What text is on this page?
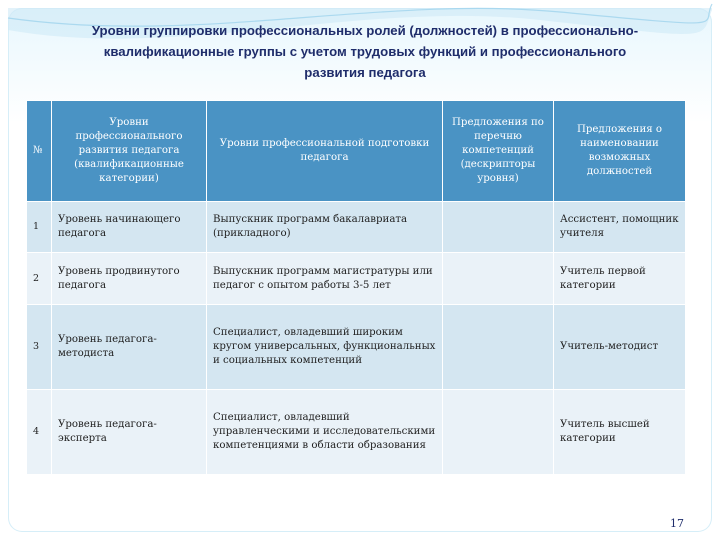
Уровни группировки профессиональных ролей (должностей) в профессионально-
квалификационные группы с учетом трудовых функций и профессионального
развития педагога
№	Уровни профессионального развития педагога (квалификационные категории)	Уровни профессиональной подготовки педагога	Предложения по перечню компетенций (дескрипторы уровня)	Предложения о наименовании возможных должностей
1	Уровень начинающего педагога	Выпускник программ бакалавриата (прикладного)		Ассистент, помощник учителя
2	Уровень продвинутого педагога	Выпускник программ магистратуры или педагог с опытом работы 3-5 лет		Учитель первой категории
3	Уровень педагога-методиста	Специалист, овладевший широким кругом универсальных, функциональных и социальных компетенций		Учитель-методист
4	Уровень педагога-эксперта	Специалист, овладевший управленческими и исследовательскими компетенциями в области образования		Учитель высшей категории
17
